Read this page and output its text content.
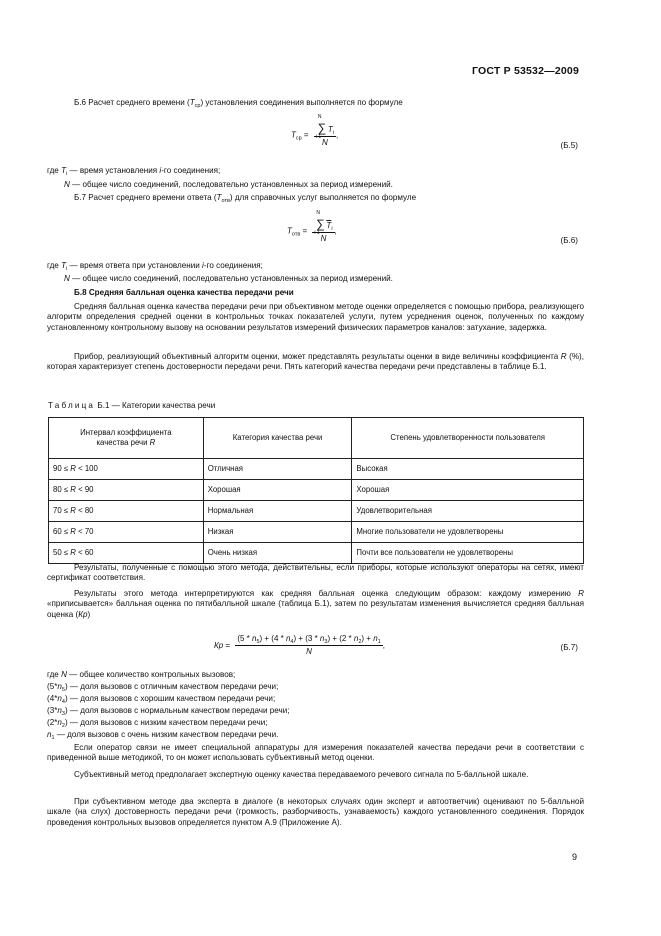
ГОСТ Р 53532—2009

Б.6 Расчет среднего времени $(T_{ср})$ установления соединения выполняется по формуле

$T_{ср}$ = ∑
N
i 1
$T_i$
N ,
(Б.5)

где $T_i$ — время установления i-го соединения;

N — общее число соединений, последовательно установленных за период измерений.

Б.7 Расчет среднего времени ответа $(T_{отв})$ для справочных услуг выполняется по формуле

$T_{отв}$ = ∑
N
i 1
$\overline{T}_i$
N ,
(Б.6)

где $T_i$ — время ответа при установлении i-го соединения;

N — общее число соединений, последовательно установленных за период измерений.

Б.8 Средняя балльная оценка качества передачи речи

Средняя балльная оценка качества передачи речи при объективном методе оценки определяется с помощью прибора, реализующего алгоритм определения средней оценки в контрольных точках показателей услуги, путем усреднения оценок, полученных по каждому установленному контрольному вызову на основании результатов измерений физических параметров каналов: затухание, задержка.

Прибор, реализующий объективный алгоритм оценки, может представлять результаты оценки в виде величины коэффициента R (%), которая характеризует степень достоверности передачи речи. Пять категорий качества передачи речи представлены в таблице Б.1.

Таблица Б.1 — Категории качества речи
Интервал коэффициента
качества речи R	Категория качества речи	Степень удовлетворенности пользователя
90 ≤ R < 100	Отличная	Высокая
80 ≤ R < 90	Хорошая	Хорошая
70 ≤ R < 80	Нормальная	Удовлетворительная
60 ≤ R < 70	Низкая	Многие пользователи не удовлетворены
50 ≤ R < 60	Очень низкая	Почти все пользователи не удовлетворены

Результаты, полученные с помощью этого метода, действительны, если приборы, которые используют операторы на сетях, имеют сертификат соответствия.

Результаты этого метода интерпретируются как средняя балльная оценка следующим образом: каждому измерению R «приписывается» балльная оценка по пятибалльной шкале (таблица Б.1), затем по результатам изменения вычисляется средняя балльная оценка (Кр)

Кр = $\frac{(5 * n_5) + (4 * n_4) + (3 * n_3) + (2 * n_2) + n_1}{N}$ ,	(Б.7)

где N — общее количество контрольных вызовов;

$(5*n_5)$ — доля вызовов с отличным качеством передачи речи;

$(4*n_4)$ — доля вызовов с хорошим качеством передачи речи;

$(3*n_3)$ — доля вызовов с нормальным качеством передачи речи;

$(2*n_2)$ — доля вызовов с низким качеством передачи речи;

$n_1$ — доля вызовов с очень низким качеством передачи речи.

Если оператор связи не имеет специальной аппаратуры для измерения показателей качества передачи речи в соответствии с приведенной выше методикой, то он может использовать субъективный метод оценки.

Субъективный метод предполагает экспертную оценку качества передаваемого речевого сигнала по 5-балльной шкале.

При субъективном методе два эксперта в диалоге (в некоторых случаях один эксперт и автоответчик) оценивают по 5-балльной шкале (на слух) достоверность передачи речи (громкость, разборчивость, узнаваемость) каждого установленного соединения. Порядок проведения контрольных вызовов определяется пунктом А.9 (Приложение А).

9
